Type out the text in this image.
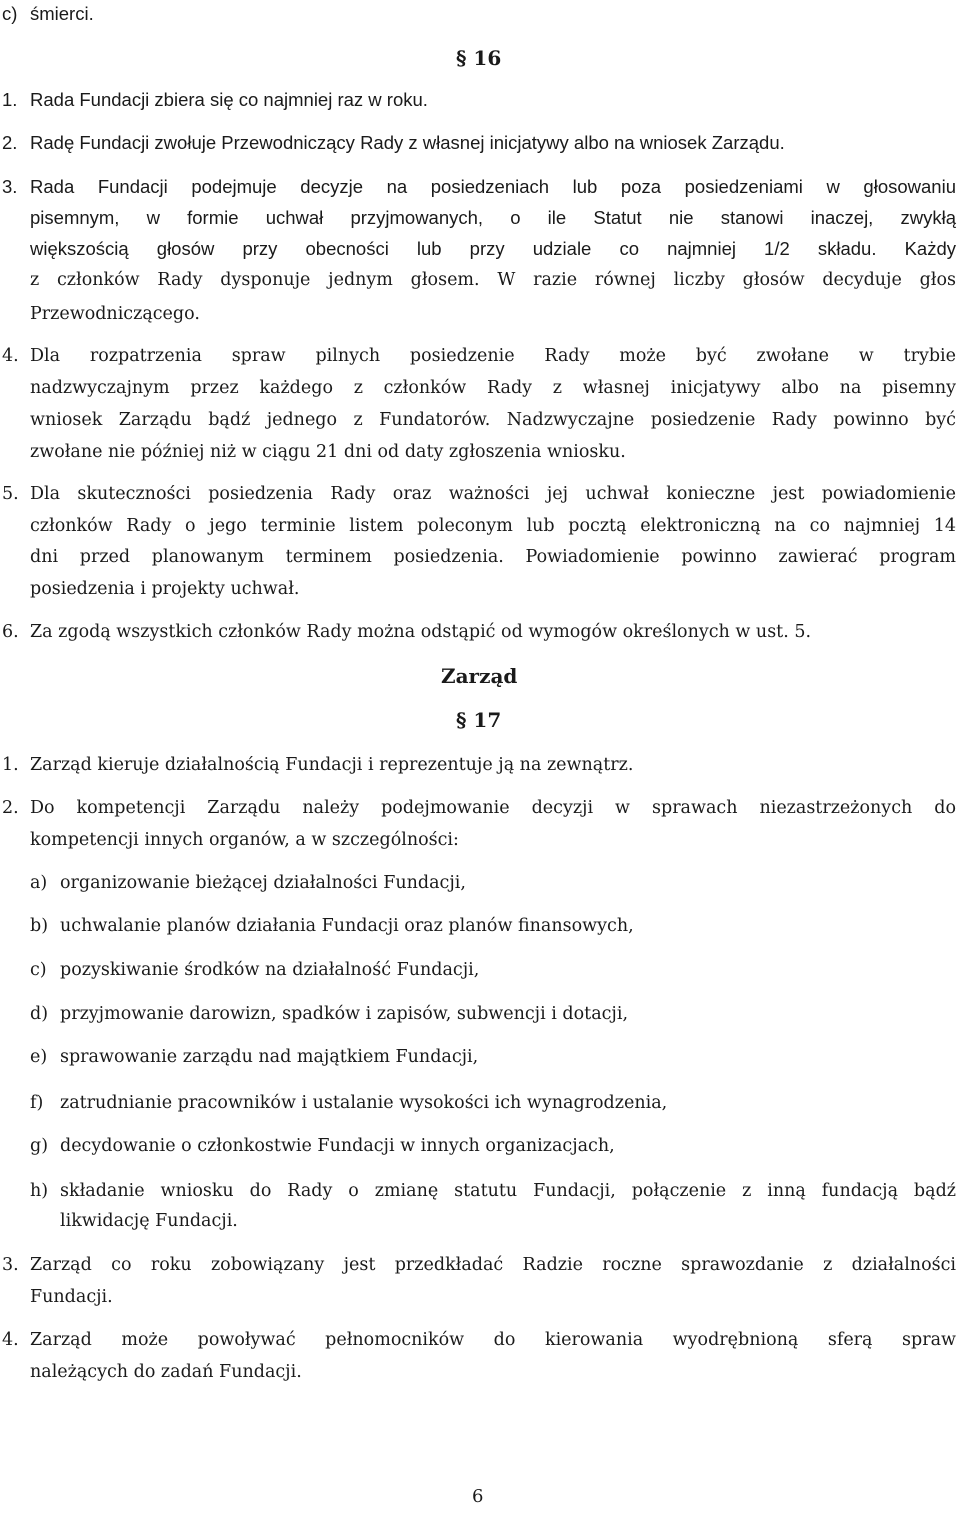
c) śmierci.
§ 16
1. Rada Fundacji zbiera się co najmniej raz w roku.
2. Radę Fundacji zwołuje Przewodniczący Rady z własnej inicjatywy albo na wniosek Zarządu.
3. Rada Fundacji podejmuje decyzje na posiedzeniach lub poza posiedzeniami w głosowaniu
pisemnym, w formie uchwał przyjmowanych, o ile Statut nie stanowi inaczej, zwykłą
większością głosów przy obecności lub przy udziale co najmniej 1/2 składu. Każdy
z członków Rady dysponuje jednym głosem. W razie równej liczby głosów decyduje głos
Przewodniczącego.
4. Dla rozpatrzenia spraw pilnych posiedzenie Rady może być zwołane w trybie
nadzwyczajnym przez każdego z członków Rady z własnej inicjatywy albo na pisemny
wniosek Zarządu bądź jednego z Fundatorów. Nadzwyczajne posiedzenie Rady powinno być
zwołane nie później niż w ciągu 21 dni od daty zgłoszenia wniosku.
5. Dla skuteczności posiedzenia Rady oraz ważności jej uchwał konieczne jest powiadomienie
członków Rady o jego terminie listem poleconym lub pocztą elektroniczną na co najmniej 14
dni przed planowanym terminem posiedzenia. Powiadomienie powinno zawierać program
posiedzenia i projekty uchwał.
6. Za zgodą wszystkich członków Rady można odstąpić od wymogów określonych w ust. 5.
Zarząd
§ 17
1. Zarząd kieruje działalnością Fundacji i reprezentuje ją na zewnątrz.
2. Do kompetencji Zarządu należy podejmowanie decyzji w sprawach niezastrzeżonych do
kompetencji innych organów, a w szczególności:
a) organizowanie bieżącej działalności Fundacji,
b) uchwalanie planów działania Fundacji oraz planów finansowych,
c) pozyskiwanie środków na działalność Fundacji,
d) przyjmowanie darowizn, spadków i zapisów, subwencji i dotacji,
e) sprawowanie zarządu nad majątkiem Fundacji,
f) zatrudnianie pracowników i ustalanie wysokości ich wynagrodzenia,
g) decydowanie o członkostwie Fundacji w innych organizacjach,
h) składanie wniosku do Rady o zmianę statutu Fundacji, połączenie z inną fundacją bądź
likwidację Fundacji.
3. Zarząd co roku zobowiązany jest przedkładać Radzie roczne sprawozdanie z działalności
Fundacji.
4. Zarząd może powoływać pełnomocników do kierowania wyodrębnioną sferą spraw
należących do zadań Fundacji.
6
